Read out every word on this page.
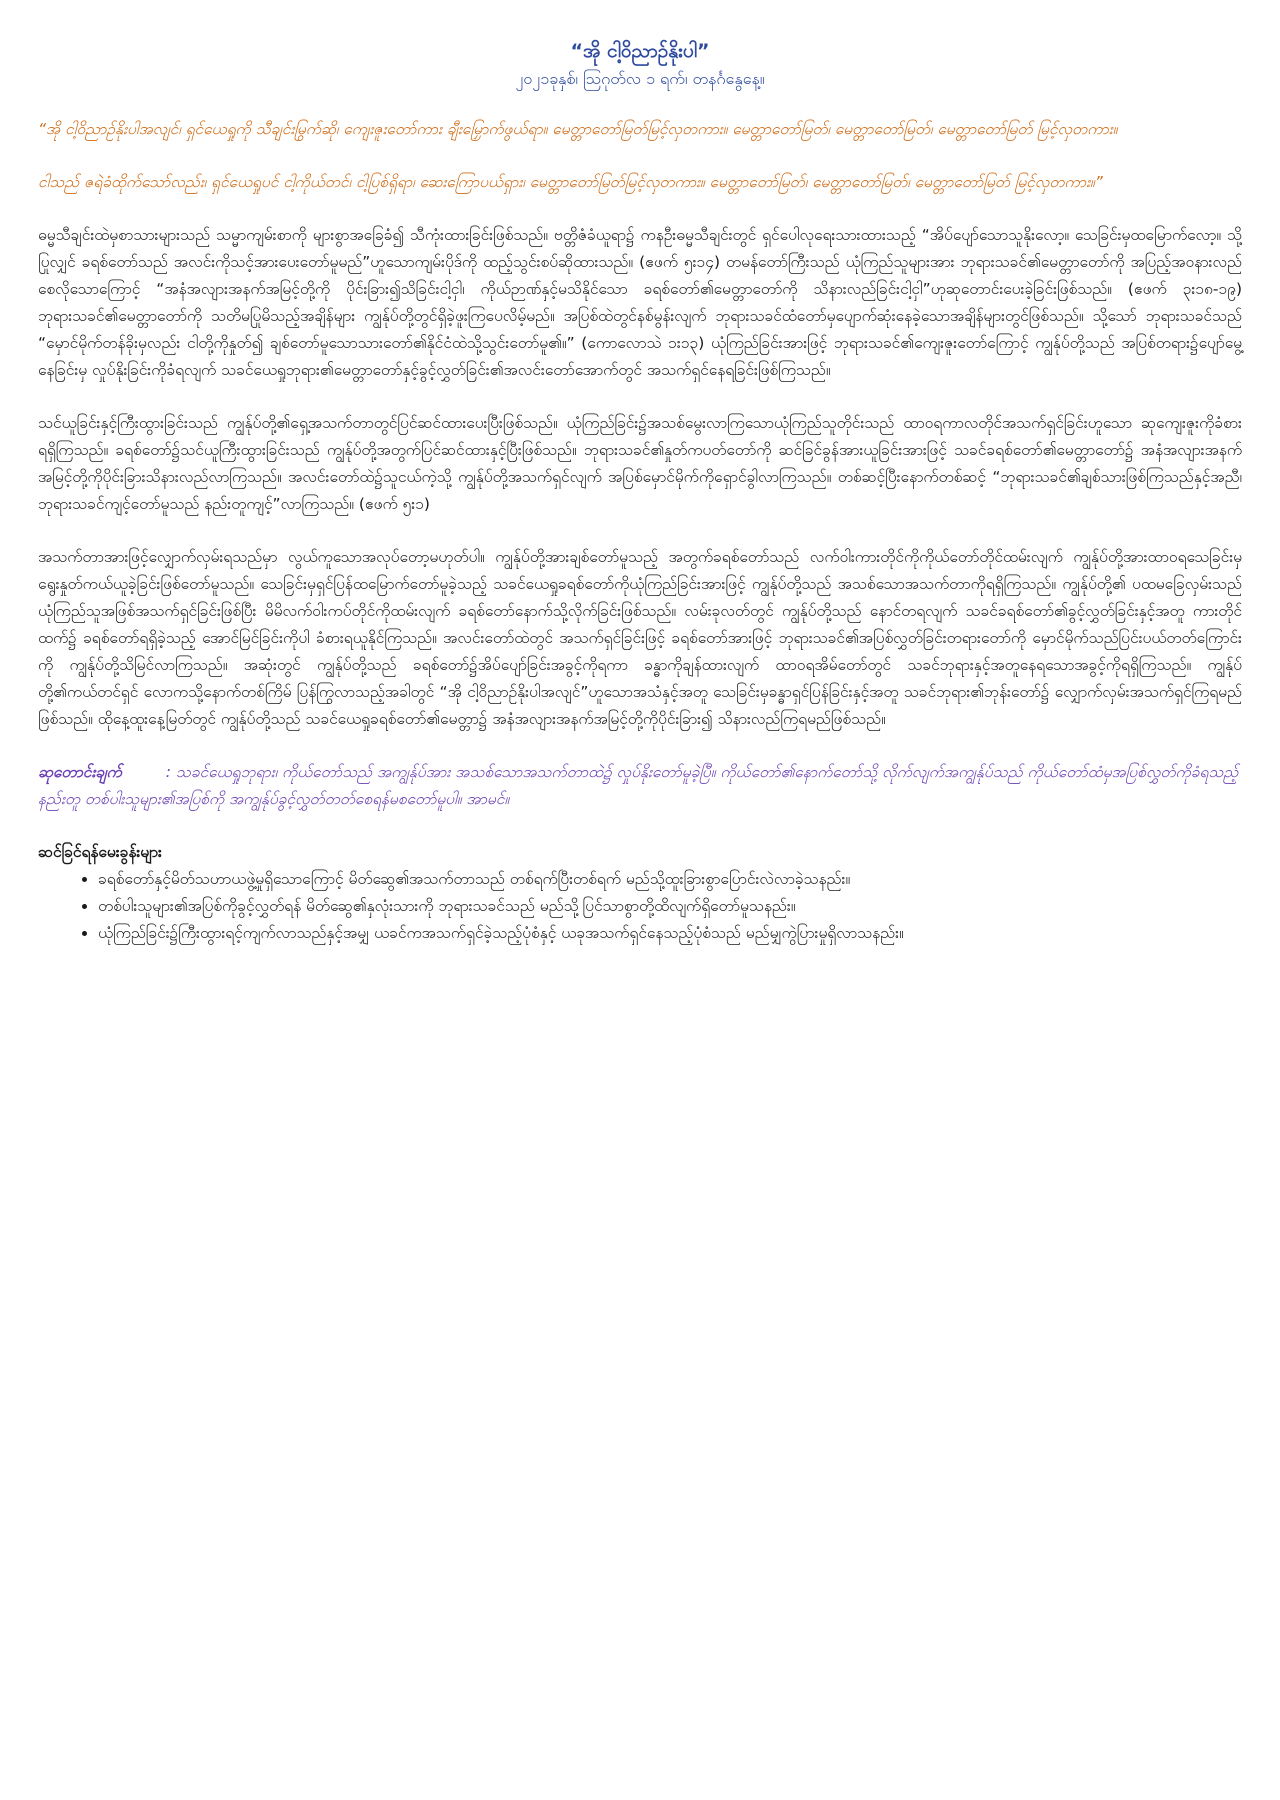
“အို ငါ့ဝိညာဉ်နိုးပါ”

၂၀၂၁ခုနှစ်၊ ဩဂုတ်လ ၁ ရက်၊ တနင်္ဂနွေနေ့။

“အို ငါ့ဝိညာဉ်နိုးပါအလျင်၊ ရှင်ယေရှုကို သီချင်းမြွက်ဆို၊ ကျေးဇူးတော်ကား ချီးမြှောက်ဖွယ်ရာ။ မေတ္တာတော်မြတ်မြင့်လှတကား။ မေတ္တာတော်မြတ်၊ မေတ္တာတော်မြတ်၊ မေတ္တာတော်မြတ် မြင့်လှတကား။

ငါသည် ဇရဲခံထိုက်သော်လည်း၊ ရှင်ယေရှုပင် ငါ့ကိုယ်တင်၊ ငါ့ပြစ်ရှိရာ၊ ဆေးကြောပယ်ရှား၊ မေတ္တာတော်မြတ်မြင့်လှတကား။ မေတ္တာတော်မြတ်၊ မေတ္တာတော်မြတ်၊ မေတ္တာတော်မြတ် မြင့်လှတကား။”

ဓမ္မသီချင်းထဲမှစာသားများသည် သမ္မာကျမ်းစာကို များစွာအခြေခံ၍ သီကုံးထားခြင်းဖြစ်သည်။ ဗတ္တိဇံခံယူရာ၌ ကနဦးဓမ္မသီချင်းတွင် ရှင်ပေါလုရေးသားထားသည့် “အိပ်ပျော်သောသူနိုးလော့။ သေခြင်းမှထမြောက်လော့။ သို့ပြုလျှင် ခရစ်တော်သည် အလင်းကိုသင့်အားပေးတော်မူမည်”ဟူသောကျမ်းပိုဒ်ကို ထည့်သွင်းစပ်ဆိုထားသည်။ (ဧဖက် ၅း၁၄) တမန်တော်ကြီးသည် ယုံကြည်သူများအား ဘုရားသခင်၏မေတ္တာတော်ကို အပြည့်အဝနားလည်စေလိုသောကြောင့် “အနံအလျားအနက်အမြင့်တို့ကို ပိုင်းခြား၍သိခြင်းငါ့ငှါ၊ ကိုယ်ဉာဏ်နှင့်မသိနိုင်သော ခရစ်တော်၏မေတ္တာတော်ကို သိနားလည်ခြင်းငါ့ငှါ”ဟုဆုတောင်းပေးခဲ့ခြင်းဖြစ်သည်။ (ဧဖက် ၃း၁၈-၁၉) ဘုရားသခင်၏မေတ္တာတော်ကို သတိမပြုမိသည့်အချိန်များ ကျွန်ုပ်တို့တွင်ရှိခဲ့ဖူးကြပေလိမ့်မည်။ အပြစ်ထဲတွင်နစ်မွန်းလျက် ဘုရားသခင်ထံတော်မှပျောက်ဆုံးနေခဲ့သောအချိန်များတွင်ဖြစ်သည်။ သို့သော် ဘုရားသခင်သည် “မှောင်မိုက်တန်ခိုးမှလည်း ငါတို့ကိုနှုတ်၍ ချစ်တော်မူသောသားတော်၏နိုင်ငံထဲသို့သွင်းတော်မူ၏။” (ကောလောသဲ ၁း၁၃) ယုံကြည်ခြင်းအားဖြင့် ဘုရားသခင်၏ကျေးဇူးတော်ကြောင့် ကျွန်ုပ်တို့သည် အပြစ်တရား၌ပျော်မွေ့နေခြင်းမှ လှုပ်နိုးခြင်းကိုခံရလျက် သခင်ယေရှုဘုရား၏မေတ္တာတော်နှင့်ခွင့်လွှတ်ခြင်း၏အလင်းတော်အောက်တွင် အသက်ရှင်နေရခြင်းဖြစ်ကြသည်။

သင်ယူခြင်းနှင့်ကြီးထွားခြင်းသည် ကျွန်ုပ်တို့၏ရှေ့အသက်တာတွင်ပြင်ဆင်ထားပေးပြီးဖြစ်သည်။ ယုံကြည်ခြင်း၌အသစ်မွေးလာကြသောယုံကြည်သူတိုင်းသည် ထာဝရကာလတိုင်အသက်ရှင်ခြင်းဟူသော ဆုကျေးဇူးကိုခံစားရရှိကြသည်။ ခရစ်တော်၌သင်ယူကြီးထွားခြင်းသည် ကျွန်ုပ်တို့အတွက်ပြင်ဆင်ထားနှင့်ပြီးဖြစ်သည်။ ဘုရားသခင်၏နှုတ်ကပတ်တော်ကို ဆင်ခြင်ခွန်အားယူခြင်းအားဖြင့် သခင်ခရစ်တော်၏မေတ္တာတော်၌ အနံအလျားအနက်အမြင့်တို့ကိုပိုင်းခြားသိနားလည်လာကြသည်။ အလင်းတော်ထဲ၌သူငယ်ကဲ့သို့ ကျွန်ုပ်တို့အသက်ရှင်လျက် အပြစ်မှောင်မိုက်ကိုရှောင်ခွါလာကြသည်။ တစ်ဆင့်ပြီးနောက်တစ်ဆင့် “ဘုရားသခင်၏ချစ်သားဖြစ်ကြသည်နှင့်အညီ၊ ဘုရားသခင်ကျင့်တော်မူသည် နည်းတူကျင့်”လာကြသည်။ (ဧဖက် ၅း၁)

အသက်တာအားဖြင့်လျှောက်လှမ်းရသည်မှာ လွယ်ကူသောအလုပ်တော့မဟုတ်ပါ။ ကျွန်ုပ်တို့အားချစ်တော်မူသည့် အတွက်ခရစ်တော်သည် လက်ဝါးကားတိုင်ကိုကိုယ်တော်တိုင်ထမ်းလျက် ကျွန်ုပ်တို့အားထာဝရသေခြင်းမှ ရွေးနှုတ်ကယ်ယူခဲ့ခြင်းဖြစ်တော်မူသည်။ သေခြင်းမှရှင်ပြန်ထမြောက်တော်မူခဲ့သည့် သခင်ယေရှုခရစ်တော်ကိုယုံကြည်ခြင်းအားဖြင့် ကျွန်ုပ်တို့သည် အသစ်သောအသက်တာကိုရရှိကြသည်။ ကျွန်ုပ်တို့၏ ပထမခြေလှမ်းသည် ယုံကြည်သူအဖြစ်အသက်ရှင်ခြင်းဖြစ်ပြီး မိမိလက်ဝါးကပ်တိုင်ကိုထမ်းလျက် ခရစ်တော်နောက်သို့လိုက်ခြင်းဖြစ်သည်။ လမ်းခုလတ်တွင် ကျွန်ုပ်တို့သည် နောင်တရလျက် သခင်ခရစ်တော်၏ခွင့်လွှတ်ခြင်းနှင့်အတူ ကားတိုင်ထက်၌ ခရစ်တော်ရရှိခဲ့သည့် အောင်မြင်ခြင်းကိုပါ ခံစားရယူနိုင်ကြသည်။ အလင်းတော်ထဲတွင် အသက်ရှင်ခြင်းဖြင့် ခရစ်တော်အားဖြင့် ဘုရားသခင်၏အပြစ်လွှတ်ခြင်းတရားတော်ကို မှောင်မိုက်သည်ပြင်းပယ်တတ်ကြောင်းကို ကျွန်ုပ်တို့သိမြင်လာကြသည်။ အဆုံးတွင် ကျွန်ုပ်တို့သည် ခရစ်တော်၌အိပ်ပျော်ခြင်းအခွင့်ကိုရကာ ခန္ဓာကိုချန်ထားလျက် ထာဝရအိမ်တော်တွင် သခင်ဘုရားနှင့်အတူနေရသောအခွင့်ကိုရရှိကြသည်။ ကျွန်ုပ်တို့၏ကယ်တင်ရှင် လောကသို့နောက်တစ်ကြိမ် ပြန်ကြွလာသည့်အခါတွင် “အို ငါ့ဝိညာဉ်နိုးပါအလျင်”ဟူသောအသံနှင့်အတူ သေခြင်းမှခန္ဓာရှင်ပြန်ခြင်းနှင့်အတူ သခင်ဘုရား၏ဘုန်းတော်၌ လျှောက်လှမ်းအသက်ရှင်ကြရမည်ဖြစ်သည်။ ထိုနေ့ထူးနေ့မြတ်တွင် ကျွန်ုပ်တို့သည် သခင်ယေရှုခရစ်တော်၏မေတ္တာ၌ အနံအလျားအနက်အမြင့်တို့ကိုပိုင်းခြား၍ သိနားလည်ကြရမည်ဖြစ်သည်။

ဆုတောင်းချက်	: သခင်ယေရှုဘုရား၊ ကိုယ်တော်သည် အကျွန်ုပ်အား အသစ်သောအသက်တာထဲ၌ လှုပ်နိုးတော်မူခဲ့ပြီ။ ကိုယ်တော်၏နောက်တော်သို့ လိုက်လျက်အကျွန်ုပ်သည် ကိုယ်တော်ထံမှအပြစ်လွှတ်ကိုခံရသည့်နည်းတူ တစ်ပါးသူများ၏အပြစ်ကို အကျွန်ုပ်ခွင့်လွှတ်တတ်စေရန်မစတော်မူပါ။ အာမင်။

ဆင်ခြင်ရန်မေးခွန်းများ

• ခရစ်တော်နှင့်မိတ်သဟာယဖွဲ့မှုရှိသောကြောင့် မိတ်ဆွေ၏အသက်တာသည် တစ်ရက်ပြီးတစ်ရက် မည်သို့ထူးခြားစွာပြောင်းလဲလာခဲ့သနည်း။
• တစ်ပါးသူများ၏အပြစ်ကိုခွင့်လွှတ်ရန် မိတ်ဆွေ၏နှလုံးသားကို ဘုရားသခင်သည် မည်သို့ပြင်သာစွာတို့ထိလျက်ရှိတော်မူသနည်း။
• ယုံကြည်ခြင်း၌ကြီးထွားရင့်ကျက်လာသည်နှင့်အမျှ ယခင်ကအသက်ရှင်ခဲ့သည့်ပုံစံနှင့် ယခုအသက်ရှင်နေသည့်ပုံစံသည် မည်မျှကွဲပြားမှုရှိလာသနည်း။
